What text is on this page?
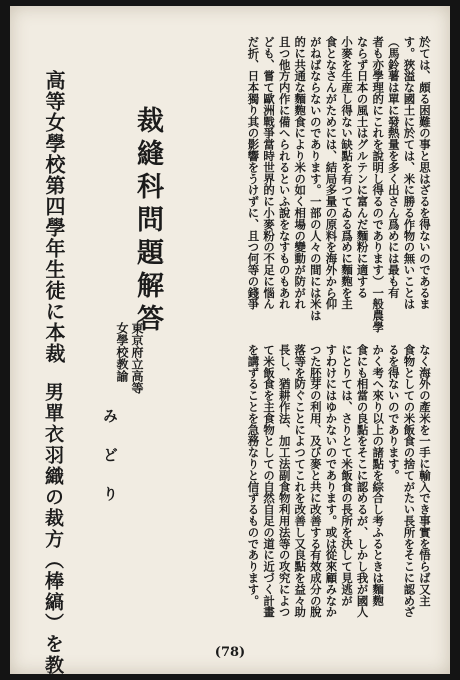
於ては、頗る困難の事と思はざるを得ないのであるま
す。狹溢な國土に於ては、米に勝る作物の無いことは
（馬鈴薯は單に發熱量を多く出さん爲めには最も有
者も亦學理的にこれを說明し得るのであります）一般農學
ならず日本の風土はグルテンに富んだ麵粉に適する
小麥を生産し得ない缺點を有つてゐる爲めに麵麭を主
食となさんがためには、結局多量の原料を海外から仰
がねばならないのであります。一部の人々の間には米は
的に共通な麵麭食により米の如く相場の變動が防がれ
且つ他方内作に備へられるといふ說をなすものもあれ
ども、嘗て歐洲戰爭當時世界的に小麥粉の不足に惱ん
だ折、日本獨り其の影響をうけずに、且つ何等の錢爭
なく海外の產米を一手に輸入でき事實を悟らば又主
食物としての米飯食の捨てがたい長所をそこに認めざ
るを得ないのであります。
かく考へ來り以上の諸點を綜合し考ふるときは麵麭
食にも相當の良點をそこに認めるが、しかし我が國人
にとりては、さりとて米飯食の長所を決して見逃が
すわけにはゆかないのであります。或は從來顧みなか
つた胚芽の利用、及び麥と共に改善する有效成分の脫
落等を防ぐことによつてこれを改善し又良點を益々助
長し、猶耕作法、加工法副食物利用法等の攻究によつ
て米飯食を主食物としての自然自足の道に近づく計畫
を講ずることを急務なりと信ずるものであります。
裁縫科問題解答
東京府立高等
女學校教諭
みどり
高等女學校第四學年生徒に本裁
男單衣羽織の裁方（棒縞）を教	(78)
